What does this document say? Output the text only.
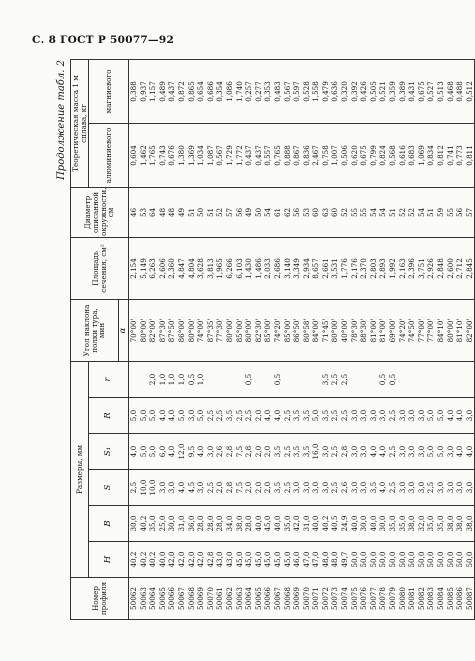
С. 8 ГОСТ Р 50077—92
Продолжение табл. 2
Номер профиля	Размеры, мм						Угол наклона полки тура, мин	Площадь сечения, см²	Диаметр описанной окружности, см	Теоретическая масса 1 м сплава, кг	
	H	B	S	S₁	R	r				алюминиевого	магниевого
							α				
50062	40,2	30,0	2,5	4,0	5,0		70°00'	2,154	46	0,604	0,388
50063	40,2	40,2	10,0	5,0	5,0		80°00'	5,149	53	1,462	0,937
50064	40,2	35,0	10,0	5,0	5,0	2,0	82°00'	6,263	64	1,765	1,157
50065	40,0	25,0	3,0	6,0	4,0	1,0	87°30'	2,606	48	0,743	0,489
50066	42,0	30,0	3,0	4,0	4,0	1,0	87°50'	2,360	48	0,676	0,437
50067	42,0	31,0	4,0	12,0	5,0	1,0	86°00'	4,847	49	1,380	0,872
50068	42,0	36,0	4,5	9,5	3,0	0,5	80°00'	4,804	51	1,369	0,865
50069	42,0	28,0	3,0	4,0	5,0	1,0	74°00'	3,628	50	1,034	0,654
50070	42,8	28,0	2,5	3,0	2,5		87°35'	3,813	51	1,087	0,686
50061	43,0	28,0	2,0	2,6	2,5		77°30'	1,965	52	0,567	0,354
50062	43,0	34,0	2,8	2,8	3,5		80°00'	6,266	57	1,729	1,086
50063	45,0	38,0	7,5	7,5	2,5		85°00'	6,103	56	1,772	1,740
50064	45,0	28,0	2,0	2,8	2,5	0,5	80°00'	1,430	49	0,437	0,257
50065	45,0	40,0	2,0	2,0	2,0		82°30'	1,486	50	0,437	0,277
50066	45,0	45,0	2,0	2,0	4,0		85°00'	2,033	54	0,557	0,353
50067	45,0	40,0	3,5	3,5	4,0	0,5	74°20'	2,686	61	0,765	0,483
50068	45,0	35,0	2,5	2,5	2,5		85°00'	3,140	62	0,888	0,567
50069	46,0	42,0	3,0	3,5	3,5		86°50'	3,349	56	0,867	0,597
50070	47,0	31,0	3,0	3,5	3,5		80°58'	2,934	53	0,836	0,528
50071	47,0	40,0	3,0	16,0	5,0		84°00'	8,657	60	2,467	1,558
50072	48,0	40,2	3,0	3,0	3,5	3,5	71°45'	2,661	63	0,758	0,479
50073	48,0	40,5	2,5	2,5	2,5	2,5	80°00'	3,531	60	1,007	0,636
50074	49,7	24,9	2,6	2,8	2,5	2,5	40°00'	1,776	52	0,506	0,320
50075	50,0	40,0	3,0	3,0	3,0		78°30'	2,176	55	0,620	0,392
50076	50,0	30,0	3,0	3,0	3,0		88°30'	2,370	55	0,675	0,426
50077	50,0	40,0	3,5	4,0	3,0		81°00'	2,803	54	0,799	0,505
50078	50,0	30,0	4,0	4,0	3,0	0,5	81°00'	2,893	54	0,824	0,521
50079	50,0	35,0	2,5	2,5	2,5	0,5	69°00'	1,992	51	0,568	0,359
50080	50,0	35,0	3,0	3,0	3,0		74°20'	2,163	52	0,616	0,389
50081	50,0	38,0	3,0	3,0	3,0		74°50'	2,396	52	0,683	0,431
50082	50,0	32,0	3,0	3,0	3,0		77°00'	3,751	54	1,069	0,675
50083	50,0	35,0	2,5	5,0	5,0		77°00'	2,926	51	0,834	0,527
50084	50,0	35,0	3,0	5,0	5,0		84°10'	2,848	59	0,812	0,513
50085	50,0	38,0	3,0	3,0	4,0		80°00'	2,600	55	0,741	0,468
50086	50,0	38,0	3,0	4,0	4,0		81°10'	2,712	56	0,773	0,488
50087	50,0	38,0	3,0	4,0	3,0		82°00'	2,845	57	0,811	0,512
